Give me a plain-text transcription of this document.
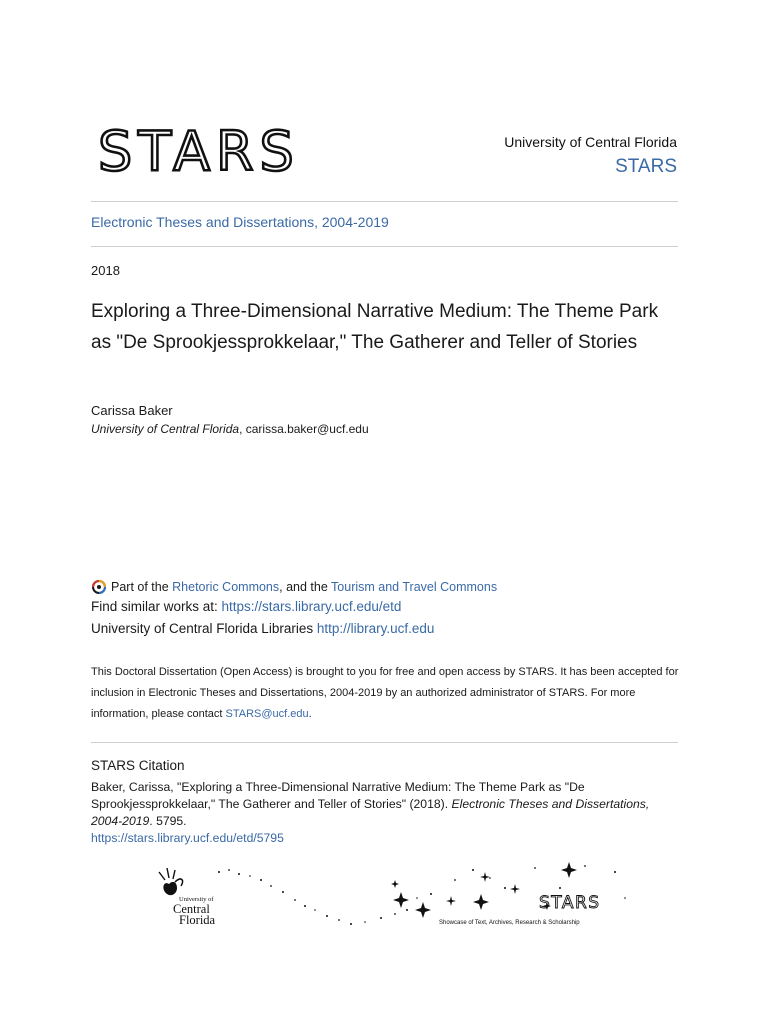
STARS	University of Central Florida
STARS
Electronic Theses and Dissertations, 2004-2019
2018
Exploring a Three-Dimensional Narrative Medium: The Theme Park as "De Sprookjessprokkelaar," The Gatherer and Teller of Stories
Carissa Baker
University of Central Florida, carissa.baker@ucf.edu
Part of the Rhetoric Commons, and the Tourism and Travel Commons
Find similar works at: https://stars.library.ucf.edu/etd
University of Central Florida Libraries http://library.ucf.edu
This Doctoral Dissertation (Open Access) is brought to you for free and open access by STARS. It has been accepted for inclusion in Electronic Theses and Dissertations, 2004-2019 by an authorized administrator of STARS. For more information, please contact STARS@ucf.edu.
STARS Citation
Baker, Carissa, "Exploring a Three-Dimensional Narrative Medium: The Theme Park as "De Sprookjessprokkelaar," The Gatherer and Teller of Stories" (2018). Electronic Theses and Dissertations, 2004-2019. 5795.
https://stars.library.ucf.edu/etd/5795
University of
Central
Florida
STARS
Showcase of Text, Archives, Research & Scholarship
